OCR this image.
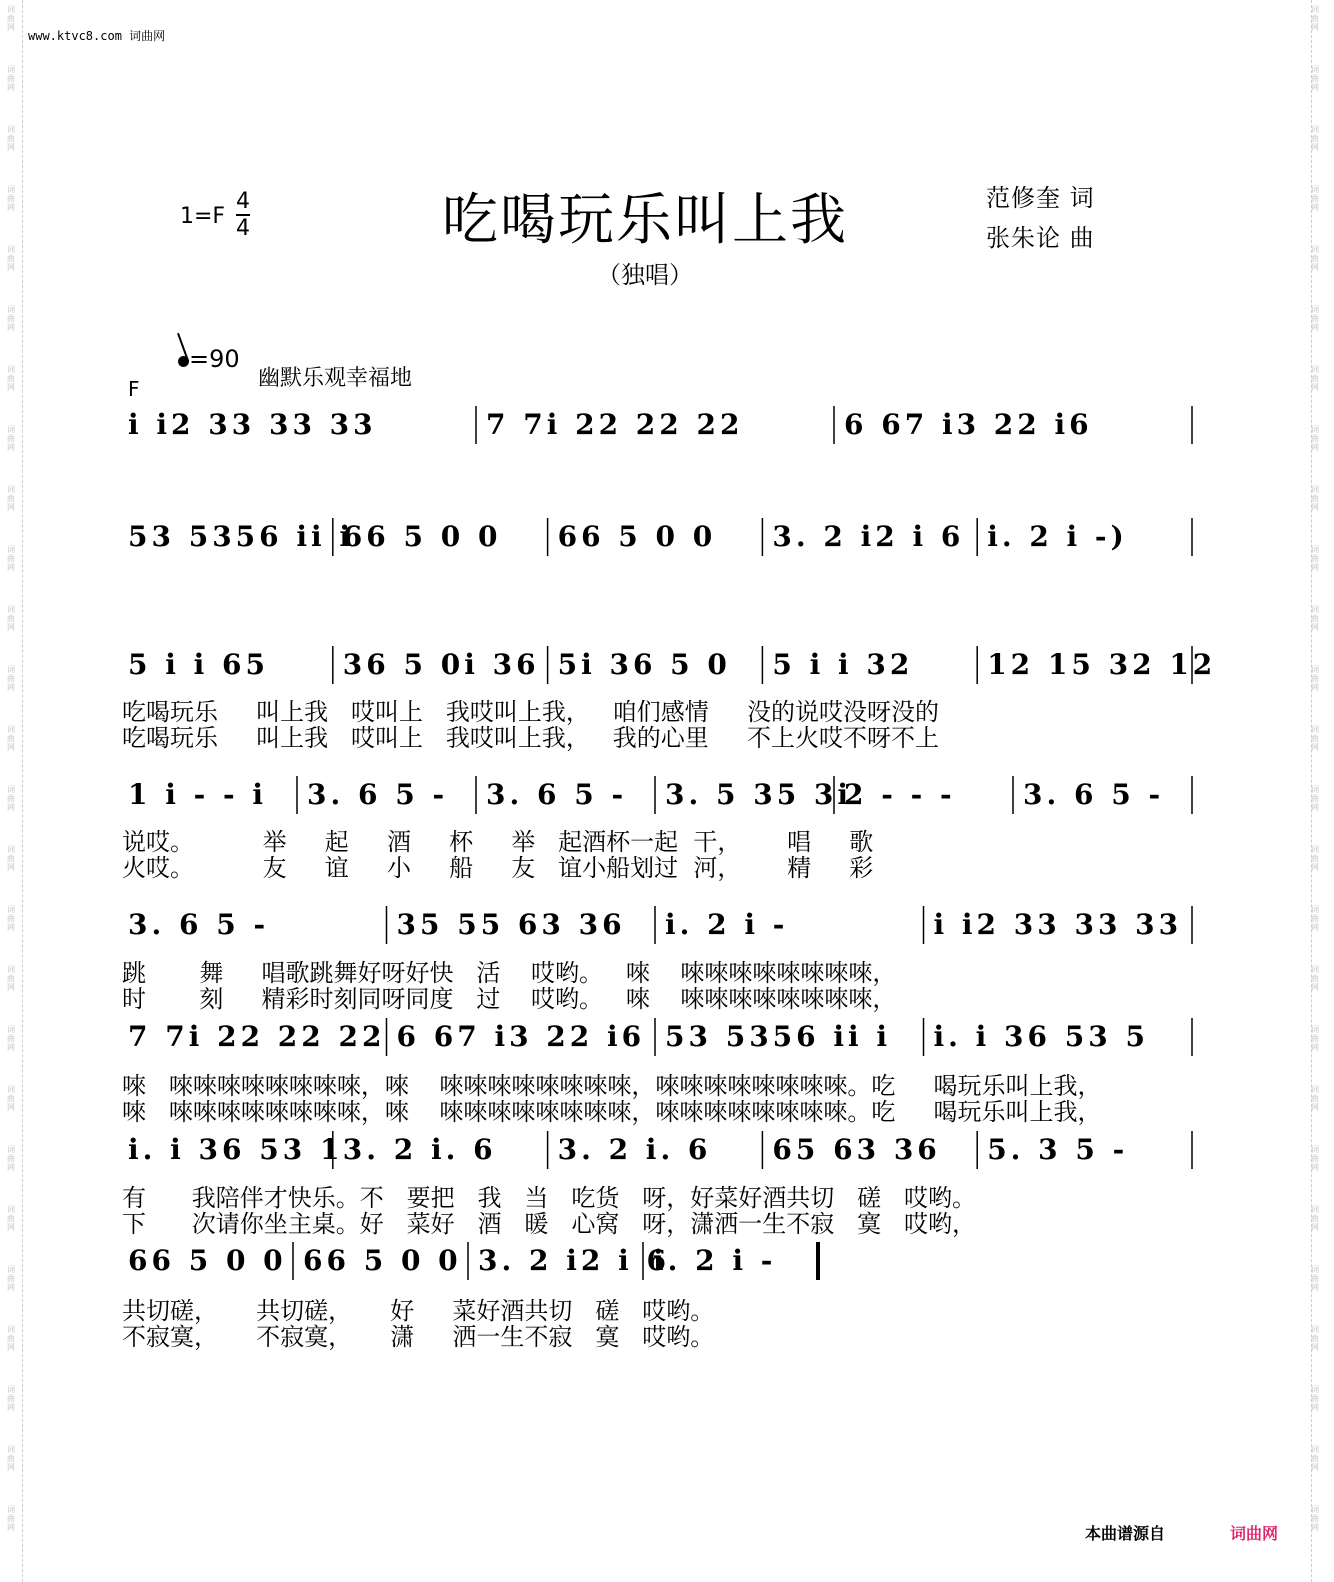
词
曲
网
词
曲
网
词
曲
网
词
曲
网
词
曲
网
词
曲
网
词
曲
网
词
曲
网
词
曲
网
词
曲
网
词
曲
网
词
曲
网
词
曲
网
词
曲
网
词
曲
网
词
曲
网
词
曲
网
词
曲
网
词
曲
网
词
曲
网
词
曲
网
词
曲
网
词
曲
网
词
曲
网
词
曲
网
词
曲
网
词
曲
网
词
曲
网
词
曲
网
词
曲
网
词
曲
网
词
曲
网
词
曲
网
词
曲
网
词
曲
网
词
曲
网
词
曲
网
词
曲
网
词
曲
网
词
曲
网
词
曲
网
词
曲
网
词
曲
网
词
曲
网
词
曲
网
词
曲
网
词
曲
网
词
曲
网
词
曲
网
词
曲
网
词
曲
网
词
曲
网
www.ktvc8.com 词曲网
1=F
4
4	吃喝玩乐叫上我
（独唱）
范修奎 词
张朱论 曲
=90
幽默乐观幸福地
F
i i2 33 33 33	7 7i 22 22 22	6 67 i3 22 i6
53 5356 ii i
66 5 0 0 66 5 0 0 3. 2 i2 i 6 i. 2 i -)
5 i i 65	36 5 0i 36 5i 36 5 0 5 i i 32	12 15 32 12
吃喝玩乐     叫上我   哎叫上   我哎叫上我，   咱们感情     没的说哎没呀没的
吃喝玩乐     叫上我   哎叫上   我哎叫上我，   我的心里     不上火哎不呀不上
1 i - - i 3. 6 5 - 3. 6 5 - 3. 5 35 3i
2 - - - 3. 6 5 -
说哎。         举     起     酒     杯     举   起酒杯一起  干，      唱     歌
火哎。         友     谊     小     船     友   谊小船划过  河，      精     彩
3. 6 5 -	35 55 63 36 i. 2 i -	i i2 33 33 33
跳       舞     唱歌跳舞好呀好快   活    哎哟。   唻    唻唻唻唻唻唻唻唻，
时       刻     精彩时刻同呀同度   过    哎哟。   唻    唻唻唻唻唻唻唻唻，
7 7i 22 22 22 6 67 i3 22 i6 53 5356 ii i i. i 36 53 5
唻   唻唻唻唻唻唻唻唻，唻    唻唻唻唻唻唻唻唻，唻唻唻唻唻唻唻唻。吃     喝玩乐叫上我，
唻   唻唻唻唻唻唻唻唻，唻    唻唻唻唻唻唻唻唻，唻唻唻唻唻唻唻唻。吃     喝玩乐叫上我，
i. i 36 53 1 3. 2 i. 6 3. 2 i. 6 65 63 36 5. 3 5 -
有      我陪伴才快乐。不   要把   我   当   吃货   呀，好菜好酒共切   磋   哎哟。
下      次请你坐主桌。好   菜好   酒   暖   心窝   呀，潇洒一生不寂   寞   哎哟，
66 5 0 0 66 5 0 0 3. 2 i2 i 6
i. 2 i -
共切磋，     共切磋，     好     菜好酒共切   磋   哎哟。
不寂寞，     不寂寞，     潇     洒一生不寂   寞   哎哟。
本曲谱源自	词曲网
